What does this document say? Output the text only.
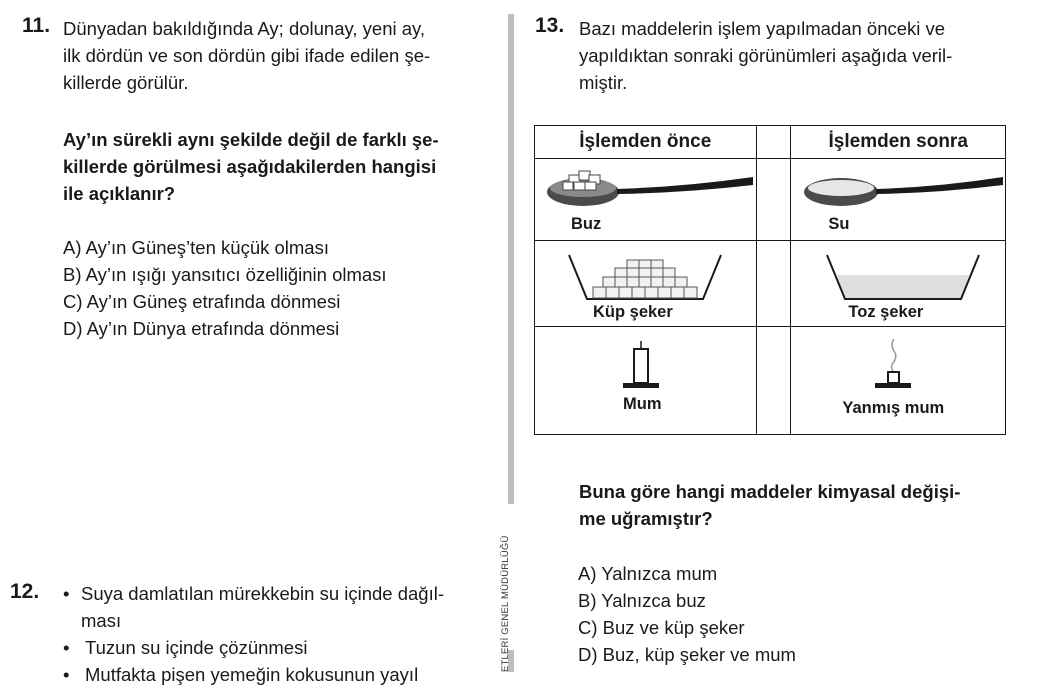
11. Dünyadan bakıldığında Ay; dolunay, yeni ay,
ilk dördün ve son dördün gibi ifade edilen şe-
killerde görülür.
Ay’ın sürekli aynı şekilde değil de farklı şe-
killerde görülmesi aşağıdakilerden hangisi
ile açıklanır?
A) Ay’ın Güneş’ten küçük olması
B) Ay’ın ışığı yansıtıcı özelliğinin olması
C) Ay’ın Güneş etrafında dönmesi
D) Ay’ın Dünya etrafında dönmesi
12. • Suya damlatılan mürekkebin su içinde dağıl-
ması
• Tuzun su içinde çözünmesi
• Mutfakta pişen yemeğin kokusunun yayıl
ETLERİ GENEL MÜDÜRLÜĞÜ
13. Bazı maddelerin işlem yapılmadan önceki ve
yapıldıktan sonraki görünümleri aşağıda veril-
miştir.
İşlemden önce		İşlemden sonra

Buz		Su

Küp şeker		Toz şeker

Mum		Yanmış mum
Buna göre hangi maddeler kimyasal değişi-
me uğramıştır?
A) Yalnızca mum
B) Yalnızca buz
C) Buz ve küp şeker
D) Buz, küp şeker ve mum
